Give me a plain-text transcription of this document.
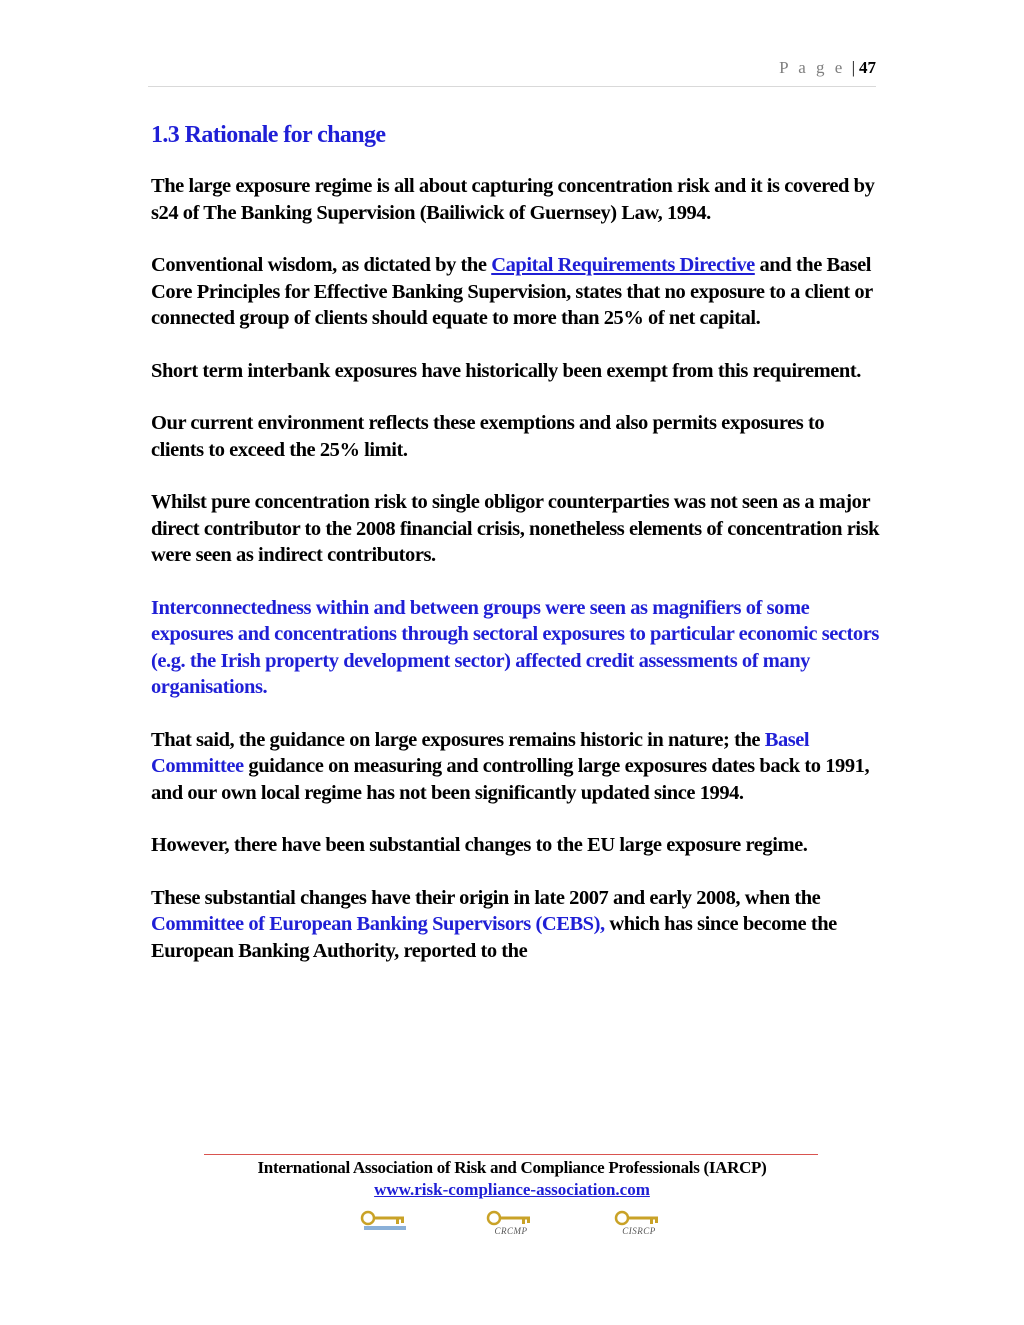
P a g e | 47
1.3 Rationale for change

The large exposure regime is all about capturing concentration risk and it is covered by s24 of The Banking Supervision (Bailiwick of Guernsey) Law, 1994.

Conventional wisdom, as dictated by the Capital Requirements Directive and the Basel Core Principles for Effective Banking Supervision, states that no exposure to a client or connected group of clients should equate to more than 25% of net capital.

Short term interbank exposures have historically been exempt from this requirement.

Our current environment reflects these exemptions and also permits exposures to clients to exceed the 25% limit.

Whilst pure concentration risk to single obligor counterparties was not seen as a major direct contributor to the 2008 financial crisis, nonetheless elements of concentration risk were seen as indirect contributors.

Interconnectedness within and between groups were seen as magnifiers of some exposures and concentrations through sectoral exposures to particular economic sectors (e.g. the Irish property development sector) affected credit assessments of many organisations.

That said, the guidance on large exposures remains historic in nature; the Basel Committee guidance on measuring and controlling large exposures dates back to 1991, and our own local regime has not been significantly updated since 1994.

However, there have been substantial changes to the EU large exposure regime.

These substantial changes have their origin in late 2007 and early 2008, when the Committee of European Banking Supervisors (CEBS), which has since become the European Banking Authority, reported to the

International Association of Risk and Compliance Professionals (IARCP)
www.risk-compliance-association.com
CRCMP	CISRCP
